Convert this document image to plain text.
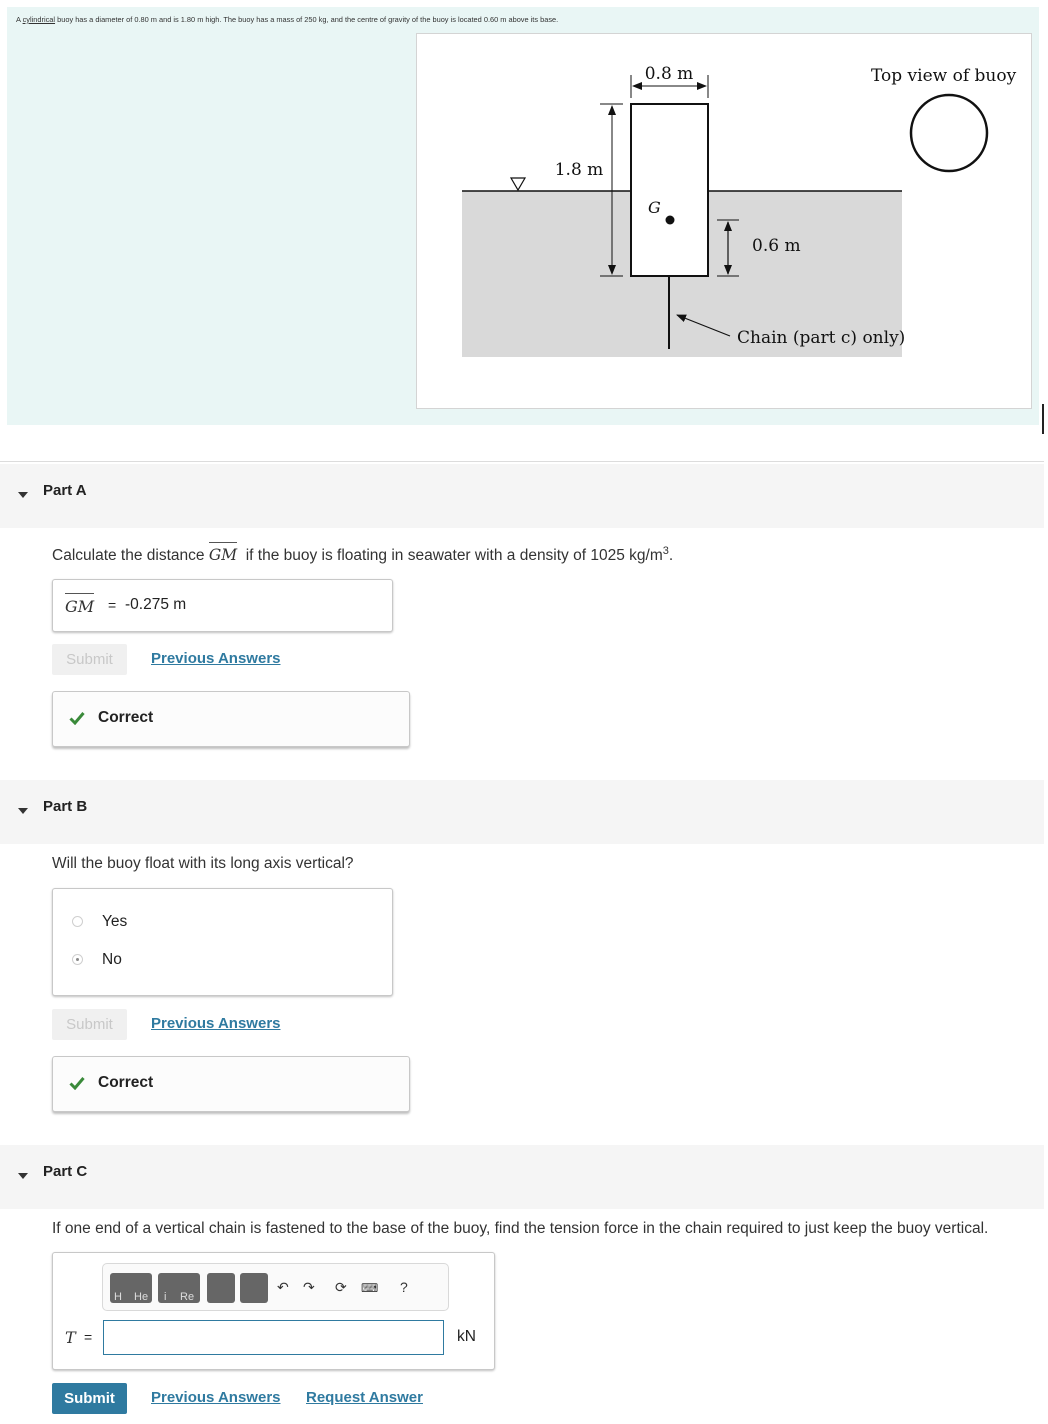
A cylindrical buoy has a diameter of 0.80 m and is 1.80 m high. The buoy has a mass of 250 kg, and the centre of gravity of the buoy is located 0.60 m above its base.
G
0.8 m
1.8 m
0.6 m
Chain (part c) only)
Top view of buoy
Part A
Calculate the distance GM if the buoy is floating in seawater with a density of 1025 $kg/m^3$.
GM = -0.275 m
Submit	Previous Answers
Correct
Part B
Will the buoy float with its long axis vertical?
Yes
No
Submit	Previous Answers
Correct
Part C
If one end of a vertical chain is fastened to the base of the buoy, find the tension force in the chain required to just keep the buoy vertical.
H He i Re
↶ ↷ ⟳ ⌨ ?
T =	kN
Submit	Previous Answers Request Answer
